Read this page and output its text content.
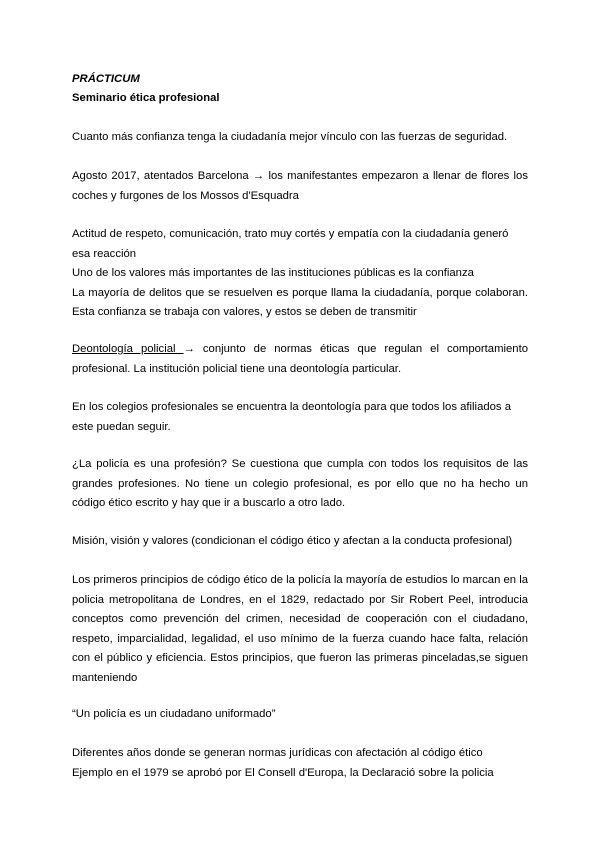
PRÁCTICUM

Seminario ética profesional

Cuanto más confianza tenga la ciudadanía mejor vínculo con las fuerzas de seguridad.

Agosto 2017, atentados Barcelona → los manifestantes empezaron a llenar de flores los coches y furgones de los Mossos d'Esquadra

Actitud de respeto, comunicación, trato muy cortés y empatía con la ciudadanía generó esa reacción
Uno de los valores más importantes de las instituciones públicas es la confianza
La mayoría de delitos que se resuelven es porque llama la ciudadanía, porque colaboran. Esta confianza se trabaja con valores, y estos se deben de transmitir

Deontología policial → conjunto de normas éticas que regulan el comportamiento profesional. La institución policial tiene una deontología particular.

En los colegios profesionales se encuentra la deontología para que todos los afiliados a este puedan seguir.

¿La policía es una profesión? Se cuestiona que cumpla con todos los requisitos de las grandes profesiones. No tiene un colegio profesional, es por ello que no ha hecho un código ético escrito y hay que ir a buscarlo a otro lado.

Misión, visión y valores (condicionan el código ético y afectan a la conducta profesional)

Los primeros principios de código ético de la policía la mayoría de estudios lo marcan en la policia metropolitana de Londres, en el 1829, redactado por Sir Robert Peel, introducia conceptos como prevención del crimen, necesidad de cooperación con el ciudadano, respeto, imparcialidad, legalidad, el uso mínimo de la fuerza cuando hace falta, relación con el público y eficiencia. Estos principios, que fueron las primeras pinceladas,se siguen manteniendo

“Un policía es un ciudadano uniformado”

Diferentes años donde se generan normas jurídicas con afectación al código ético
Ejemplo en el 1979 se aprobó por El Consell d'Europa, la Declaració sobre la policia
